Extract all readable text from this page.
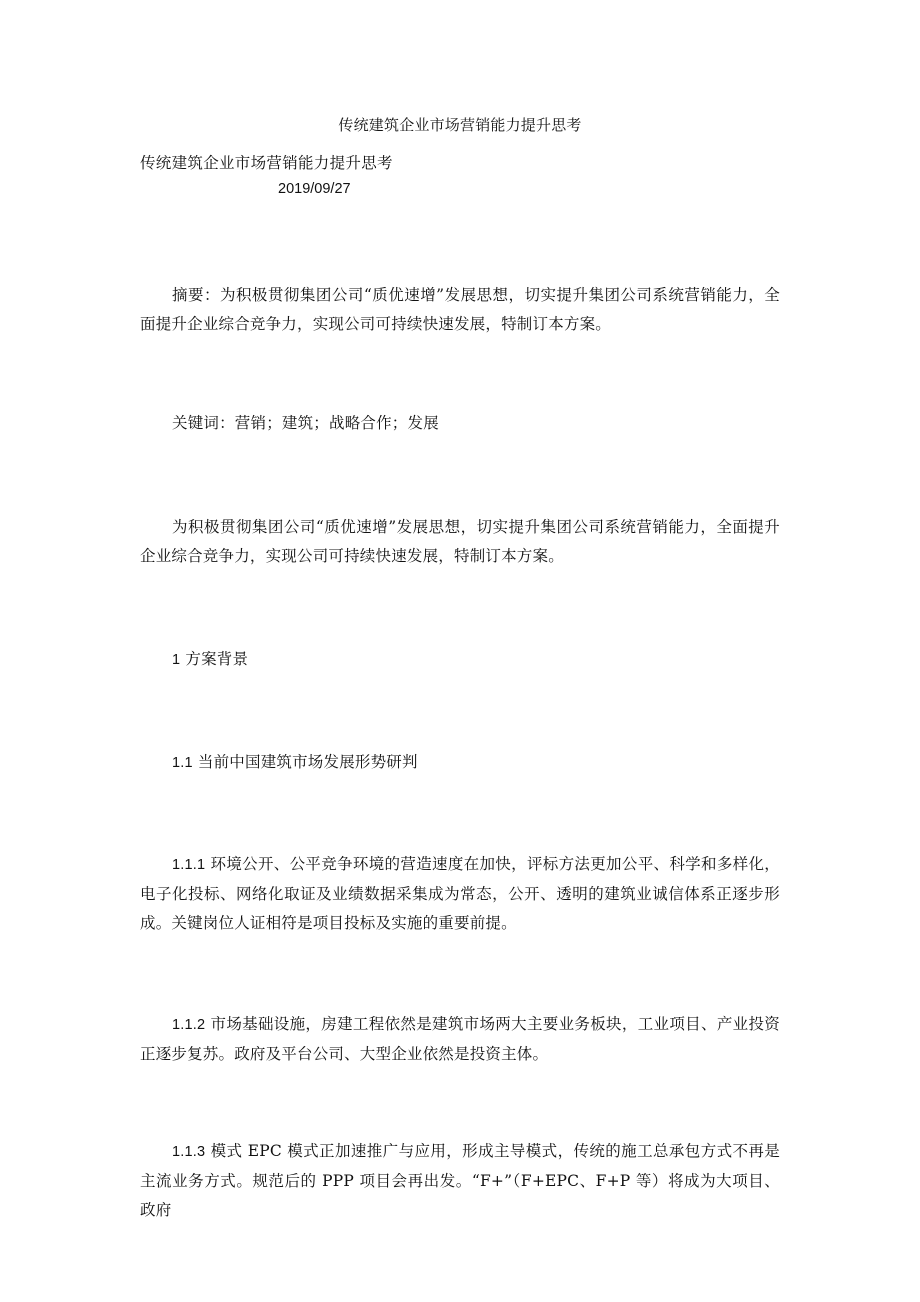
传统建筑企业市场营销能力提升思考
传统建筑企业市场营销能力提升思考
2019/09/27
摘要：为积极贯彻集团公司“质优速增”发展思想，切实提升集团公司系统营销能力，全面提升企业综合竞争力，实现公司可持续快速发展，特制订本方案。
关键词：营销；建筑；战略合作；发展
为积极贯彻集团公司“质优速增”发展思想，切实提升集团公司系统营销能力，全面提升企业综合竞争力，实现公司可持续快速发展，特制订本方案。
1 方案背景
1.1 当前中国建筑市场发展形势研判
1.1.1 环境公开、公平竞争环境的营造速度在加快，评标方法更加公平、科学和多样化，电子化投标、网络化取证及业绩数据采集成为常态，公开、透明的建筑业诚信体系正逐步形成。关键岗位人证相符是项目投标及实施的重要前提。
1.1.2 市场基础设施，房建工程依然是建筑市场两大主要业务板块，工业项目、产业投资正逐步复苏。政府及平台公司、大型企业依然是投资主体。
1.1.3 模式 EPC 模式正加速推广与应用，形成主导模式，传统的施工总承包方式不再是主流业务方式。规范后的 PPP 项目会再出发。“F+”（F+EPC、F+P 等）将成为大项目、政府
